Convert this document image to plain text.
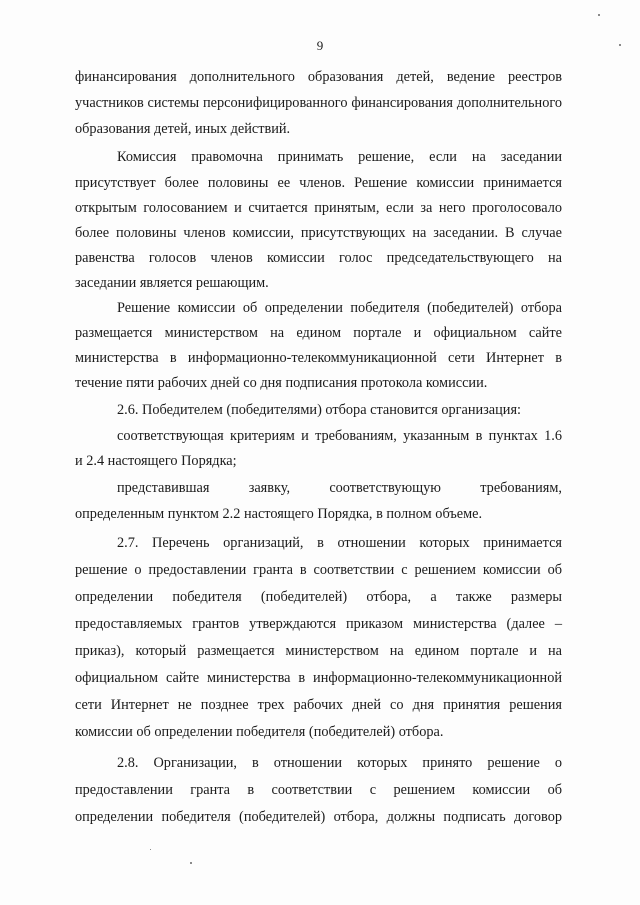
9
финансирования дополнительного образования детей, ведение реестров
участников системы персонифицированного финансирования дополнительного
образования детей, иных действий.
Комиссия правомочна принимать решение, если на заседании
присутствует более половины ее членов. Решение комиссии принимается
открытым голосованием и считается принятым, если за него проголосовало
более половины членов комиссии, присутствующих на заседании. В случае
равенства голосов членов комиссии голос председательствующего на
заседании является решающим.
Решение комиссии об определении победителя (победителей) отбора
размещается министерством на едином портале и официальном сайте
министерства в информационно-телекоммуникационной сети Интернет в
течение пяти рабочих дней со дня подписания протокола комиссии.
2.6. Победителем (победителями) отбора становится организация:
соответствующая критериям и требованиям, указанным в пунктах 1.6
и 2.4 настоящего Порядка;
представившая заявку, соответствующую требованиям,
определенным пунктом 2.2 настоящего Порядка, в полном объеме.
2.7. Перечень организаций, в отношении которых принимается
решение о предоставлении гранта в соответствии с решением комиссии об
определении победителя (победителей) отбора, а также размеры
предоставляемых грантов утверждаются приказом министерства (далее –
приказ), который размещается министерством на едином портале и на
официальном сайте министерства в информационно-телекоммуникационной
сети Интернет не позднее трех рабочих дней со дня принятия решения
комиссии об определении победителя (победителей) отбора.
2.8. Организации, в отношении которых принято решение о
предоставлении гранта в соответствии с решением комиссии об
определении победителя (победителей) отбора, должны подписать договор
